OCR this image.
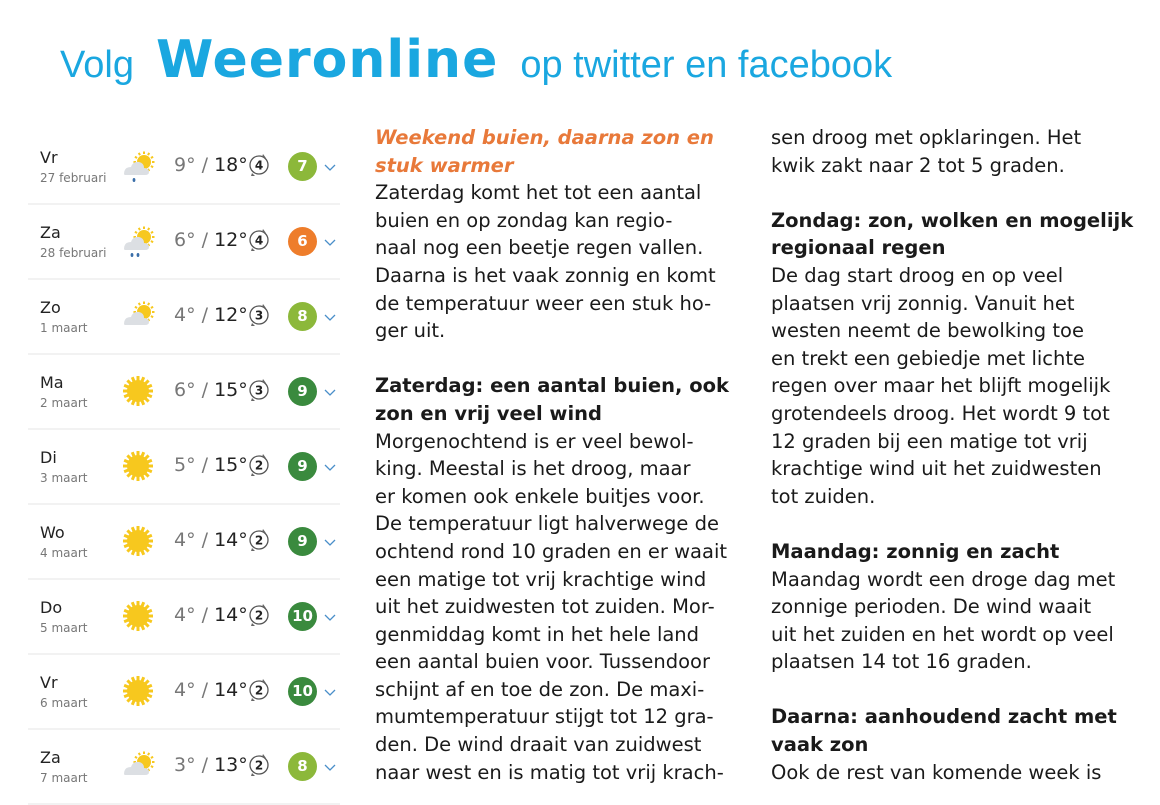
Volg Weeronline op twitter en facebook
Vr
27 februari
9° / 18° 4	7
Za
28 februari
6° / 12° 4	6
Zo
1 maart
4° / 12° 3	8
Ma
2 maart
6° / 15° 3	9
Di
3 maart
5° / 15° 2	9
Wo
4 maart
4° / 14° 2	9
Do
5 maart
4° / 14° 2 10
Vr
6 maart
4° / 14° 2 10
Za
7 maart
3° / 13° 2	8

Weekend buien, daarna zon en
stuk warmer

Zaterdag komt het tot een aantal
buien en op zondag kan regio-
naal nog een beetje regen vallen.
Daarna is het vaak zonnig en komt
de temperatuur weer een stuk ho-
ger uit.
Zaterdag: een aantal buien, ook
zon en vrij veel wind
Morgenochtend is er veel bewol-
king. Meestal is het droog, maar
er komen ook enkele buitjes voor.
De temperatuur ligt halverwege de
ochtend rond 10 graden en er waait
een matige tot vrij krachtige wind
uit het zuidwesten tot zuiden. Mor-
genmiddag komt in het hele land
een aantal buien voor. Tussendoor
schijnt af en toe de zon. De maxi-
mumtemperatuur stijgt tot 12 gra-
den. De wind draait van zuidwest
naar west en is matig tot vrij krach-
sen droog met opklaringen. Het
kwik zakt naar 2 tot 5 graden.
Zondag: zon, wolken en mogelijk
regionaal regen
De dag start droog en op veel
plaatsen vrij zonnig. Vanuit het
westen neemt de bewolking toe
en trekt een gebiedje met lichte
regen over maar het blijft mogelijk
grotendeels droog. Het wordt 9 tot
12 graden bij een matige tot vrij
krachtige wind uit het zuidwesten
tot zuiden.
Maandag: zonnig en zacht
Maandag wordt een droge dag met
zonnige perioden. De wind waait
uit het zuiden en het wordt op veel
plaatsen 14 tot 16 graden.
Daarna: aanhoudend zacht met
vaak zon
Ook de rest van komende week is
